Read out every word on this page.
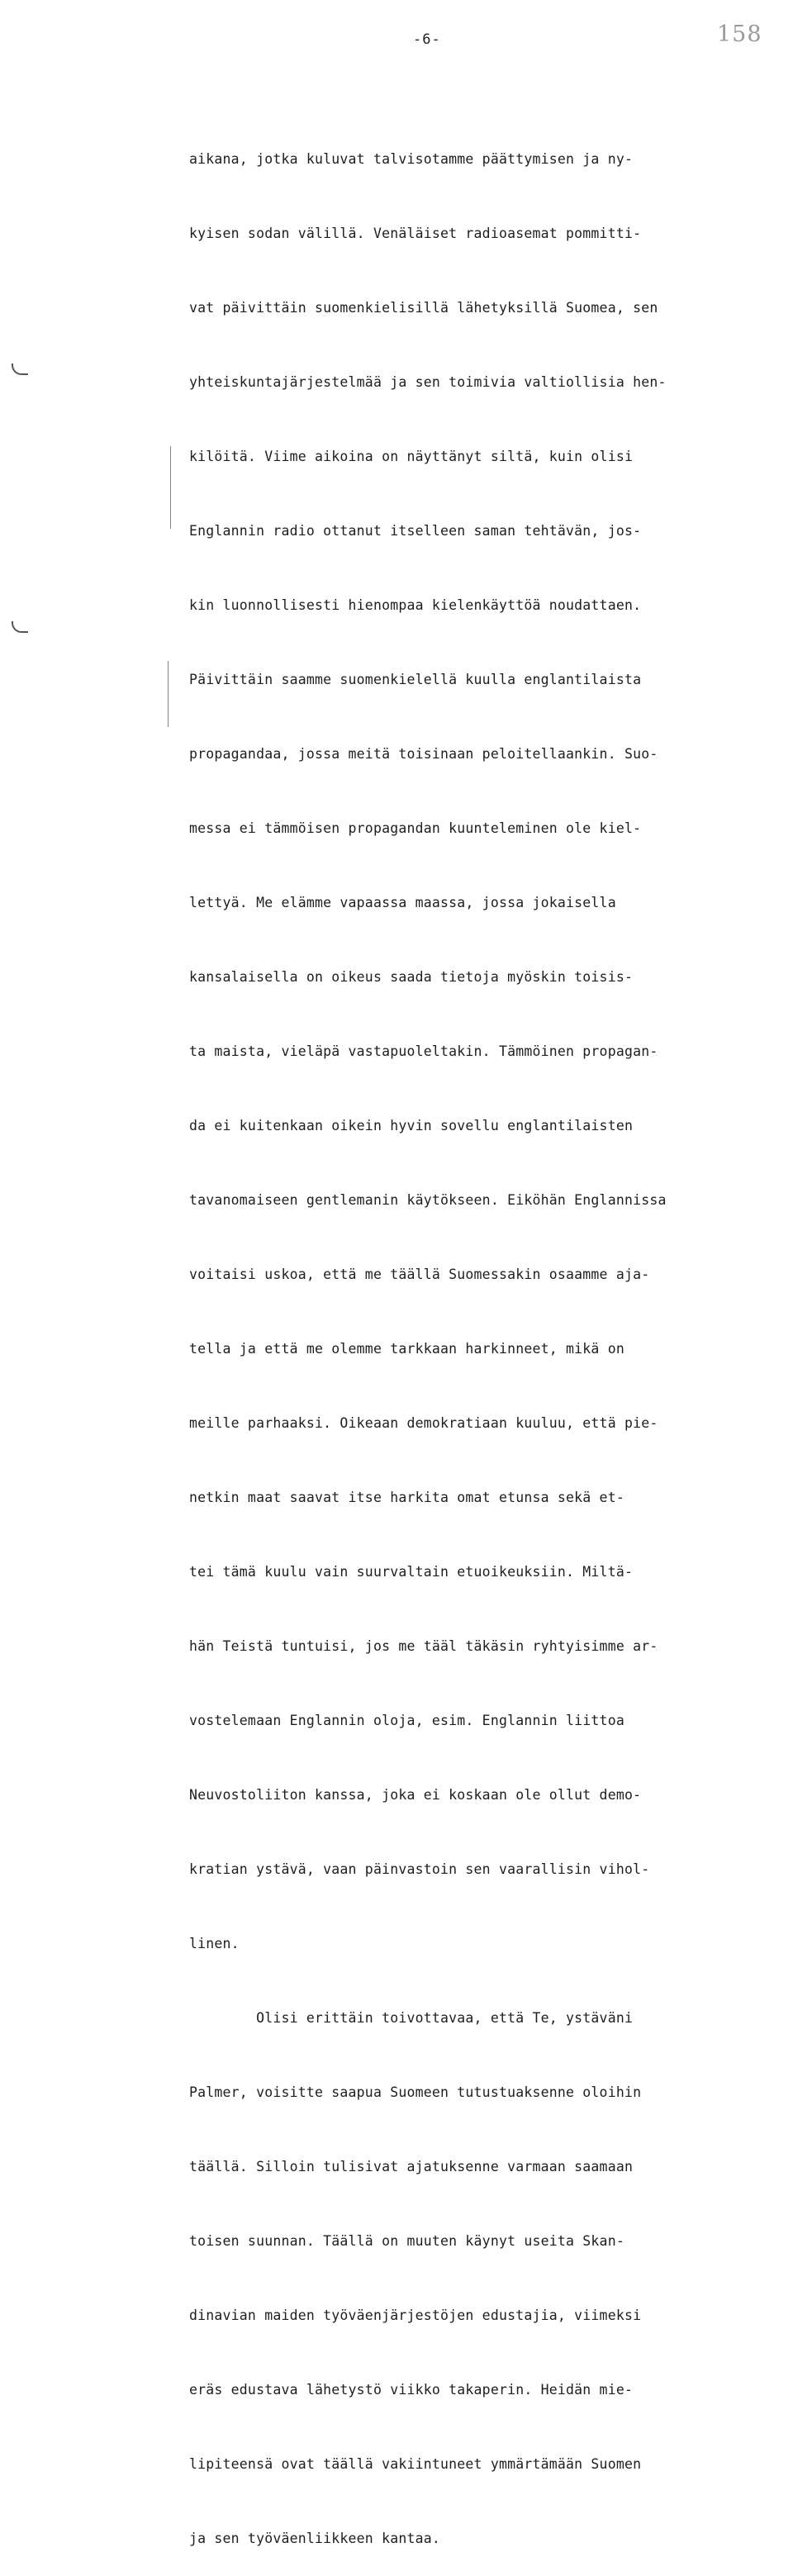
-6-	158

aikana, jotka kuluvat talvisotamme päättymisen ja ny-

kyisen sodan välillä. Venäläiset radioasemat pommitti-

vat päivittäin suomenkielisillä lähetyksillä Suomea, sen

yhteiskuntajärjestelmää ja sen toimivia valtiollisia hen-

kilöitä. Viime aikoina on näyttänyt siltä, kuin olisi

Englannin radio ottanut itselleen saman tehtävän, jos-

kin luonnollisesti hienompaa kielenkäyttöä noudattaen.

Päivittäin saamme suomenkielellä kuulla englantilaista

propagandaa, jossa meitä toisinaan peloitellaankin. Suo-

messa ei tämmöisen propagandan kuunteleminen ole kiel-

lettyä. Me elämme vapaassa maassa, jossa jokaisella

kansalaisella on oikeus saada tietoja myöskin toisis-

ta maista, vieläpä vastapuoleltakin. Tämmöinen propagan-

da ei kuitenkaan oikein hyvin sovellu englantilaisten

tavanomaiseen gentlemanin käytökseen. Eiköhän Englannissa

voitaisi uskoa, että me täällä Suomessakin osaamme aja-

tella ja että me olemme tarkkaan harkinneet, mikä on

meille parhaaksi. Oikeaan demokratiaan kuuluu, että pie-

netkin maat saavat itse harkita omat etunsa sekä et-

tei tämä kuulu vain suurvaltain etuoikeuksiin. Miltä-

hän Teistä tuntuisi, jos me tääl täkäsin ryhtyisimme ar-

vostelemaan Englannin oloja, esim. Englannin liittoa

Neuvostoliiton kanssa, joka ei koskaan ole ollut demo-

kratian ystävä, vaan päinvastoin sen vaarallisin vihol-

linen.

Olisi erittäin toivottavaa, että Te, ystäväni

Palmer, voisitte saapua Suomeen tutustuaksenne oloihin

täällä. Silloin tulisivat ajatuksenne varmaan saamaan

toisen suunnan. Täällä on muuten käynyt useita Skan-

dinavian maiden työväenjärjestöjen edustajia, viimeksi

eräs edustava lähetystö viikko takaperin. Heidän mie-

lipiteensä ovat täällä vakiintuneet ymmärtämään Suomen

ja sen työväenliikkeen kantaa.
